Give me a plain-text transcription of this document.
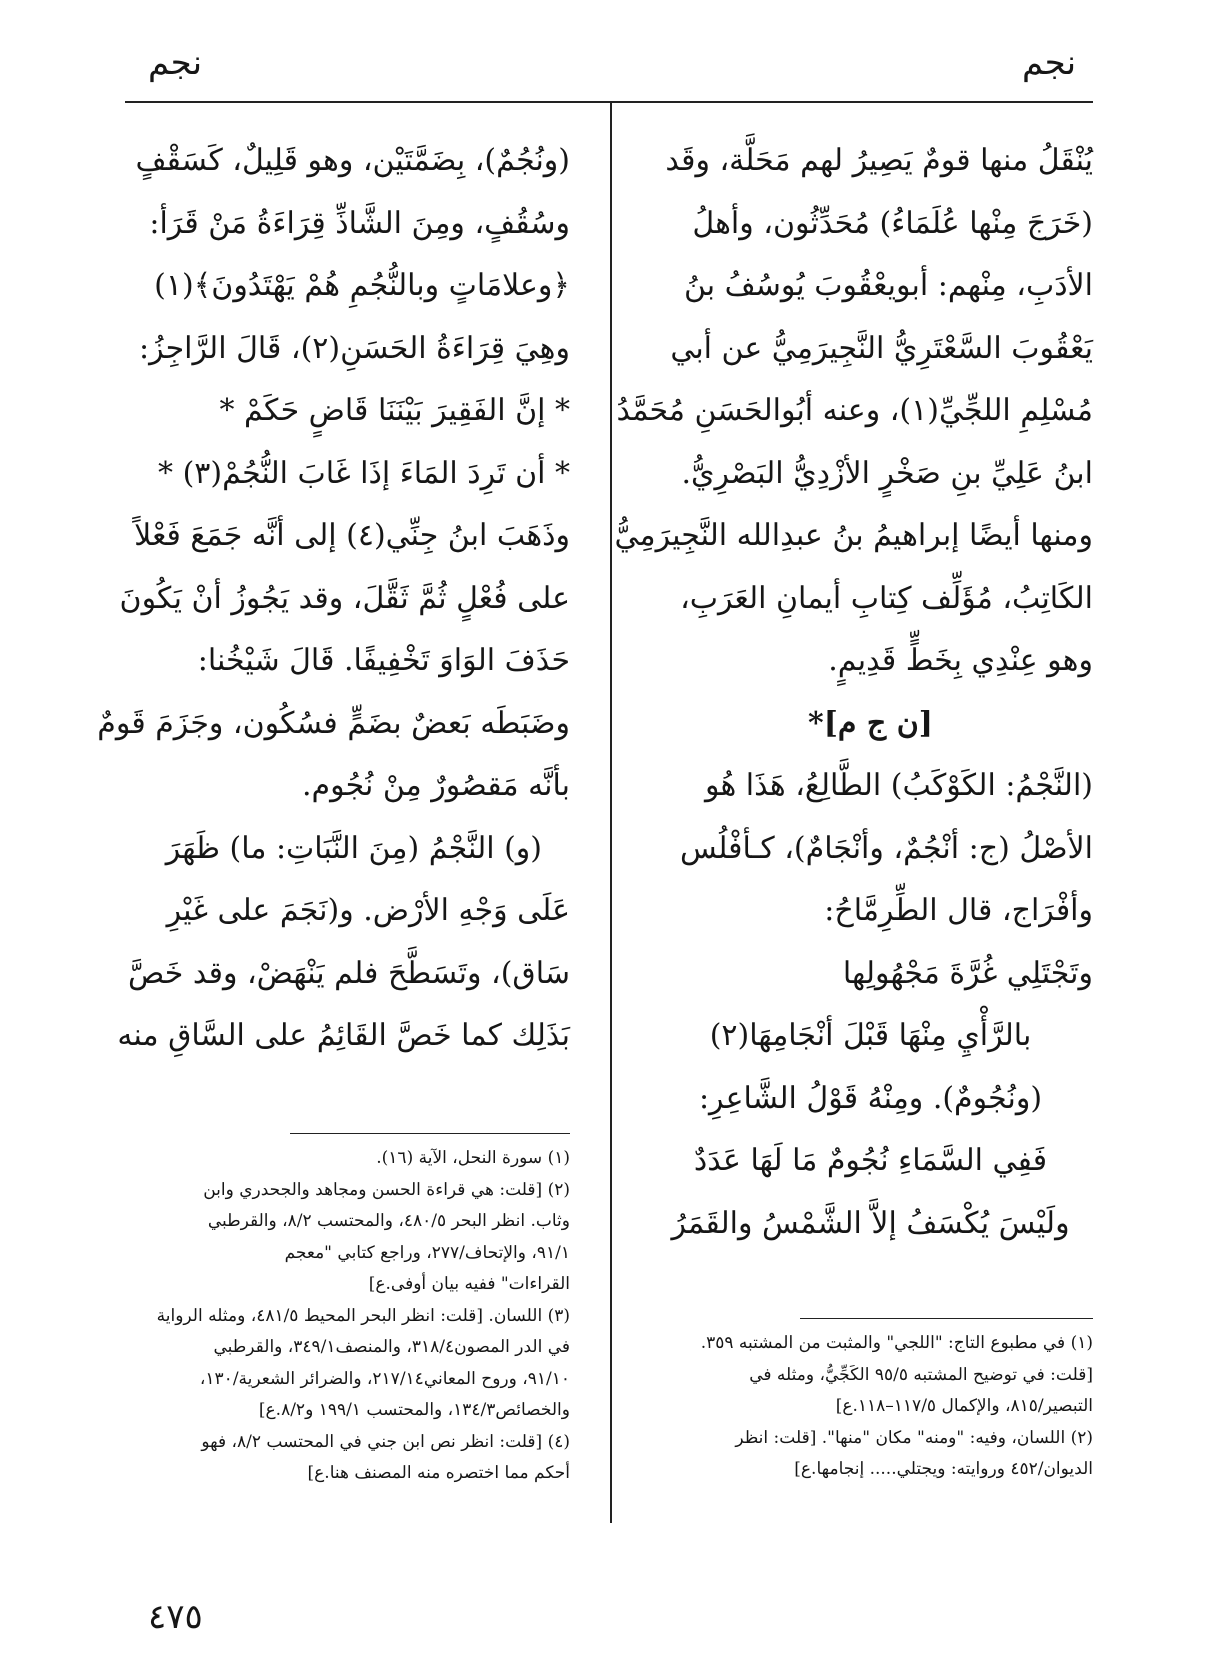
نجم	نجم
يُنْقَلُ منها قومٌ يَصِيرُ لهم مَحَلَّة، وقَد
(خَرَجَ مِنْها عُلَمَاءُ) مُحَدِّثُون، وأهلُ
الأدَبِ، مِنْهم: أبويعْقُوبَ يُوسُفُ بنُ
يَعْقُوبَ السَّعْتَرِيُّ النَّجِيرَمِيُّ عن أبي
مُسْلِمِ اللجِّيِّ(١)، وعنه أبُوالحَسَنِ مُحَمَّدُ
ابنُ عَلِيِّ بنِ صَخْرٍ الأزْدِيُّ البَصْرِيُّ.
ومنها أيضًا إبراهيمُ بنُ عبدِالله النَّجِيرَمِيُّ
الكَاتِبُ، مُؤَلِّف كِتابِ أيمانِ العَرَبِ،
وهو عِنْدِي بِخَطٍّ قَدِيمٍ.
[ن ج م]*
(النَّجْمُ: الكَوْكَبُ) الطَّالِعُ، هَذَا هُو
الأصْلُ (ج: أنْجُمٌ، وأنْجَامٌ)، كـأفْلُس
وأفْرَاج، قال الطِّرِمَّاحُ:
وتَجْتَلِي غُرَّةَ مَجْهُولِها
بالرَّأْيِ مِنْهَا قَبْلَ أنْجَامِهَا(٢)
(ونُجُومٌ). ومِنْهُ قَوْلُ الشَّاعِرِ:
فَفِي السَّمَاءِ نُجُومٌ مَا لَهَا عَدَدٌ
ولَيْسَ يُكْسَفُ إلاَّ الشَّمْسُ والقَمَرُ
(ونُجُمٌ)، بِضَمَّتَيْن، وهو قَلِيلٌ، كَسَقْفٍ
وسُقُفٍ، ومِنَ الشَّاذِّ قِرَاءَةُ مَنْ قَرَأ:
﴿وعلامَاتٍ وبالنُّجُمِ هُمْ يَهْتَدُونَ﴾(١)
وهِيَ قِرَاءَةُ الحَسَنِ(٢)، قَالَ الرَّاجِزُ:
* إنَّ الفَقِيرَ بَيْنَنَا قَاضٍ حَكَمْ *
* أن تَرِدَ المَاءَ إذَا غَابَ النُّجُمْ(٣) *
وذَهَبَ ابنُ جِنِّي(٤) إلى أنَّه جَمَعَ فَعْلاً
على فُعْلٍ ثُمَّ ثَقَّلَ، وقد يَجُوزُ أنْ يَكُونَ
حَذَفَ الوَاوَ تَخْفِيفًا. قَالَ شَيْخُنا:
وضَبَطَه بَعضٌ بضَمٍّ فسُكُون، وجَزَمَ قَومٌ
بأنَّه مَقصُورٌ مِنْ نُجُوم.
(و) النَّجْمُ (مِنَ النَّبَاتِ: ما) ظَهَرَ
عَلَى وَجْهِ الأرْض. و(نَجَمَ على غَيْرِ
سَاق)، وتَسَطَّحَ فلم يَنْهَضْ، وقد خَصَّ
بَذَلِك كما خَصَّ القَائِمُ على السَّاقِ منه
(١) سورة النحل، الآية (١٦).
(٢) [قلت: هي قراءة الحسن ومجاهد والجحدري وابن
وثاب. انظر البحر ٤٨٠/٥، والمحتسب ٨/٢، والقرطبي
٩١/١، والإتحاف/٢٧٧، وراجع كتابي "معجم
القراءات" ففيه بيان أوفى.ع]
(٣) اللسان. [قلت: انظر البحر المحيط ٤٨١/٥، ومثله الرواية
في الدر المصون٣١٨/٤، والمنصف٣٤٩/١، والقرطبي
٩١/١٠، وروح المعاني٢١٧/١٤، والضرائر الشعرية/١٣٠،
والخصائص١٣٤/٣، والمحتسب ١٩٩/١ و٨/٢.ع]
(٤) [قلت: انظر نص ابن جني في المحتسب ٨/٢، فهو
أحكم مما اختصره منه المصنف هنا.ع]
(١) في مطبوع التاج: "اللجي" والمثبت من المشتبه ٣٥٩.
[قلت: في توضيح المشتبه ٩٥/٥ الكَجِّيُّ، ومثله في
التبصير/٨١٥، والإكمال ١١٧/٥–١١٨.ع]
(٢) اللسان، وفيه: "ومنه" مكان "منها". [قلت: انظر
الديوان/٤٥٢ وروايته: ويجتلي..... إنجامها.ع]
٤٧٥
